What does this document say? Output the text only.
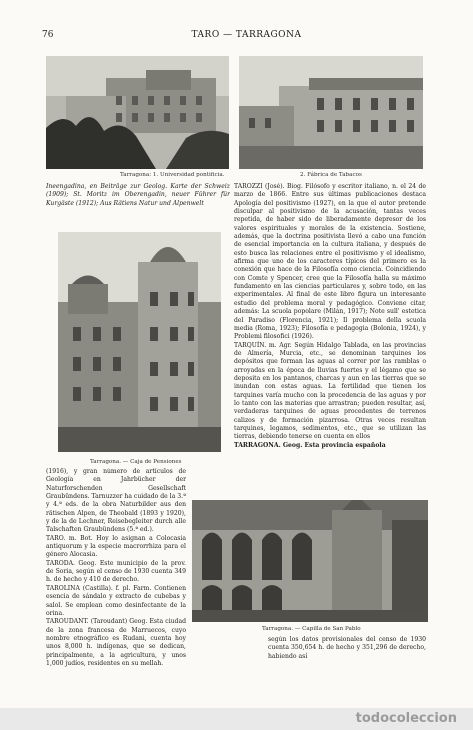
76	TARO — TARRAGONA
Tarragona: 1. Universidad pontificia.	2. Fábrica de Tabacos

Ineengadina, en Beiträge zur Geolog. Karte der Schweiz (1909); St. Moritz im Oberengadin, neuer Führer für Kurgäste (1912); Aus Rätiens Natur und Alpenwelt

Tarragona. — Caja de Pensiones

TAROZZI (José). Biog. Filósofo y escritor italiano, n. el 24 de marzo de 1866. Entre sus últimas publicaciones destaca Apología del positivismo (1927), en la que el autor pretende disculpar al positivismo de la acusación, tantas veces repetida, de haber sido de liberadamente depresor de los valores espirituales y morales de la existencia. Sostiene, además, que la doctrina positivista llevó a cabo una función de esencial importancia en la cultura italiana, y después de esto busca las relaciones entre el positivismo y el idealismo, afirma que uno de los caracteres típicos del primero es la conexión que hace de la Filosofía como ciencia. Coincidiendo con Comte y Spencer, cree que la Filosofía halla su máximo fundamento en las ciencias particulares y, sobre todo, en las experimentales. Al final de este libro figura un interesante estudio del problema moral y pedagógico. Conviene citar, además: La scuola popolare (Milán, 1917); Note sull' estetica del Paradiso (Florencia, 1921); Il problema della scuola media (Roma, 1923); Filosofía e pedagogia (Bolonia, 1924), y Problemi filosofici (1926).

TARQUÍN. m. Agr. Según Hidalgo Tablada, en las provincias de Almería, Murcia, etc., se denominan tarquines los depósitos que forman las aguas al correr por las ramblas o arroyadas en la época de lluvias fuertes y el légamo que se deposita en los pantanos, charcas y aun en las tierras que se inundan con estas aguas. La fertilidad que tienen los tarquines varía mucho con la procedencia de las aguas y por lo tanto con las materias que arrastran; pueden resultar, así, verdaderas tarquines de aguas procedentes de terrenos calizos y de formación pizarrosa. Otras veces resultan tarquines, legamos, sedimentos, etc., que se utilizan las tierras, debiendo tenerse en cuenta en ellos

TARRAGONA. Geog. Esta provincia española

(1916), y gran número de artículos de Geología en Jahrbücher der Naturforschenden Gesellschaft Graubündens. Tarnuzzer ha cuidado de la 3.ª y 4.ª eds. de la obra Naturbilder aus den rätischen Alpen, de Theobald (1893 y 1920), y de la de Lechner, Reisebegleiter durch alle Talschaften Graubündens (5.ª ed.).

TARO. m. Bot. Hoy lo asignan a Colocasia antiquorum y la especie macrorrhiza para el género Alocasia.

TARODA. Geog. Este municipio de la prov. de Soria, según el censo de 1930 cuenta 349 h. de hecho y 410 de derecho.

TAROLINA (Castilla). f. pl. Farm. Contienen esencia de sándalo y extracto de cubebas y salol. Se emplean como desinfectante de la orina.

TAROUDANT. (Taroudant) Geog. Esta ciudad de la zona francesa de Marruecos, cuyo nombre etnográfico es Rudani, cuenta hoy unos 8,000 h. indígenas, que se dedican, principalmente, a la agricultura, y unos 1,000 judíos, residentes en su mellah.

Tarragona. — Capilla de San Pablo

según los datos provisionales del censo de 1930 cuenta 350,654 h. de hecho y 351,296 de derecho, habiendo así

todocoleccion
